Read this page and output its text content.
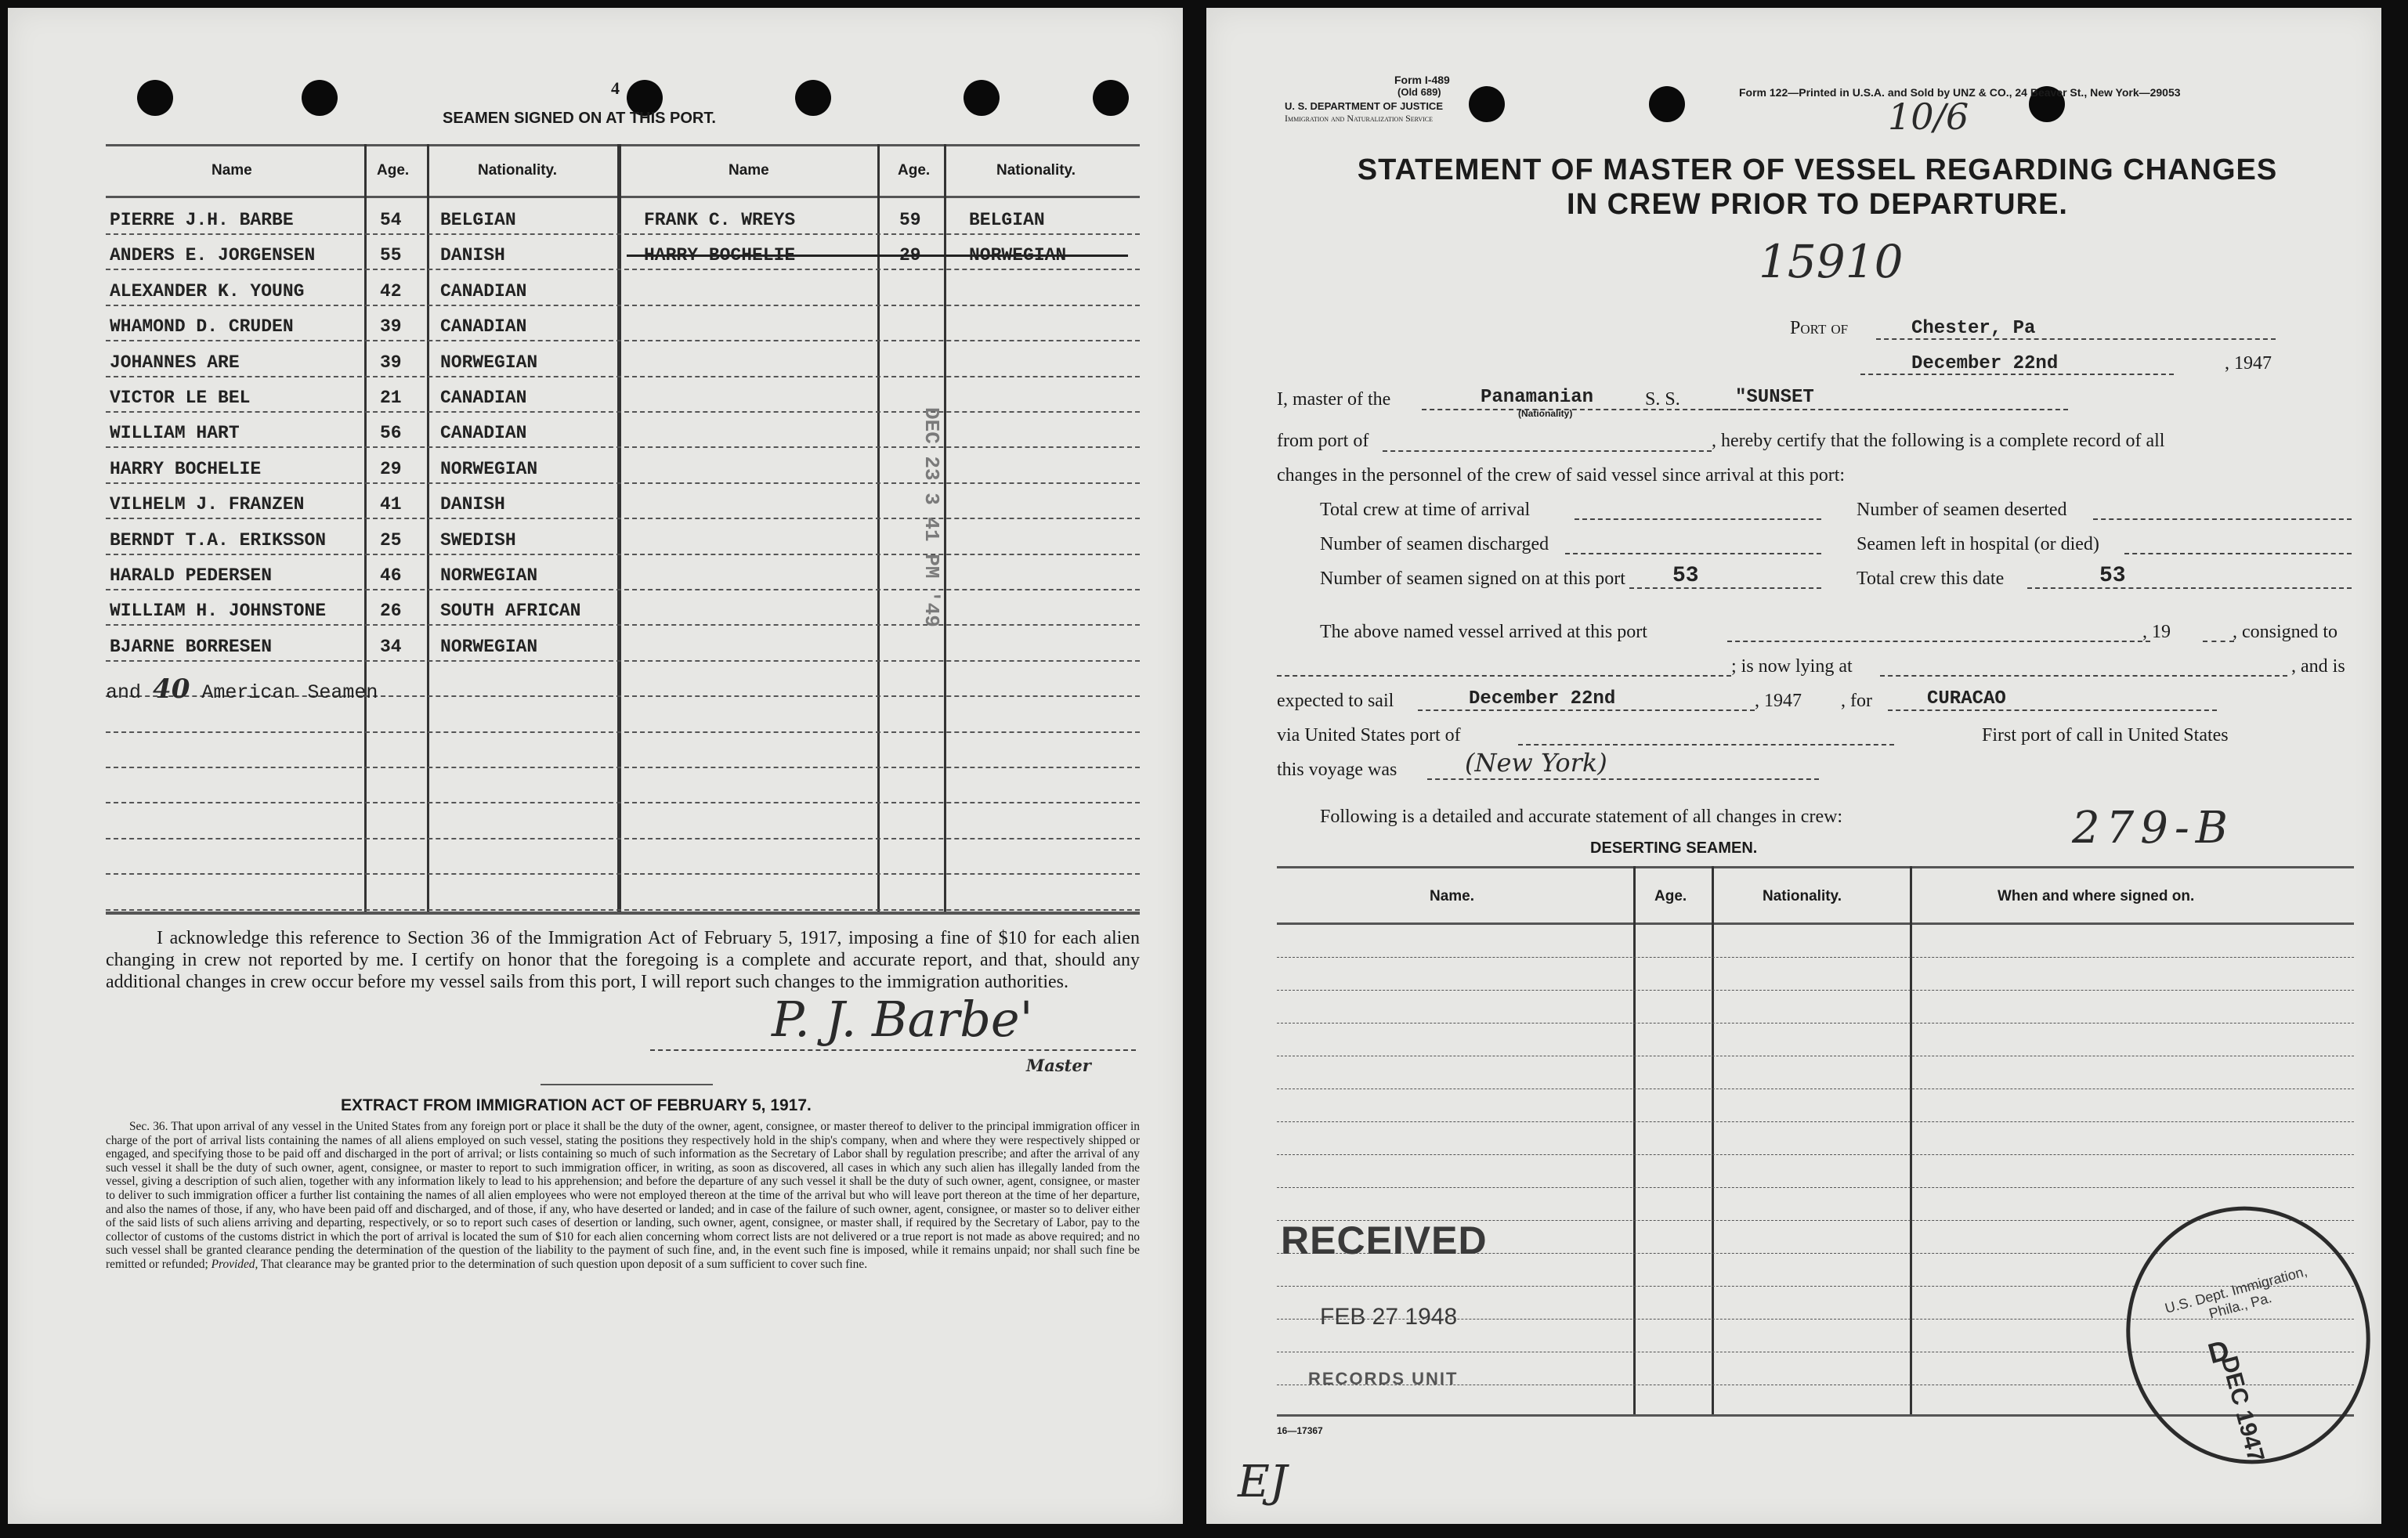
4
SEAMEN SIGNED ON AT THIS PORT.
Name	Age.	Nationality.	Name	Age.	Nationality.
PIERRE J.H. BARBE	54 BELGIAN
ANDERS E. JORGENSEN	55 DANISH
ALEXANDER K. YOUNG	42 CANADIAN
WHAMOND D. CRUDEN	39 CANADIAN
JOHANNES ARE	39 NORWEGIAN
VICTOR LE BEL	21 CANADIAN
WILLIAM HART	56 CANADIAN
HARRY BOCHELIE	29 NORWEGIAN
VILHELM J. FRANZEN	41 DANISH
BERNDT T.A. ERIKSSON	25 SWEDISH
HARALD PEDERSEN	46 NORWEGIAN
WILLIAM H. JOHNSTONE	26 SOUTH AFRICAN
BJARNE BORRESEN	34 NORWEGIAN
FRANK C. WREYS	59	BELGIAN
HARRY BOCHELIE	29	NORWEGIAN
and 40 American Seamen
I acknowledge this reference to Section 36 of the Immigration Act of February 5, 1917, imposing a fine of $10 for each alien changing in crew not reported by me. I certify on honor that the foregoing is a complete and accurate report, and that, should any additional changes in crew occur before my vessel sails from this port, I will report such changes to the immigration authorities.
P. J. Barbe'
Master
EXTRACT FROM IMMIGRATION ACT OF FEBRUARY 5, 1917.
Sec. 36. That upon arrival of any vessel in the United States from any foreign port or place it shall be the duty of the owner, agent, consignee, or master thereof to deliver to the principal immigration officer in charge of the port of arrival lists containing the names of all aliens employed on such vessel, stating the positions they respectively hold in the ship's company, when and where they were respectively shipped or engaged, and specifying those to be paid off and discharged in the port of arrival; or lists containing so much of such information as the Secretary of Labor shall by regulation prescribe; and after the arrival of any such vessel it shall be the duty of such owner, agent, consignee, or master to report to such immigration officer, in writing, as soon as discovered, all cases in which any such alien has illegally landed from the vessel, giving a description of such alien, together with any information likely to lead to his apprehension; and before the departure of any such vessel it shall be the duty of such owner, agent, consignee, or master to deliver to such immigration officer a further list containing the names of all alien employees who were not employed thereon at the time of the arrival but who will leave port thereon at the time of her departure, and also the names of those, if any, who have been paid off and discharged, and of those, if any, who have deserted or landed; and in case of the failure of such owner, agent, consignee, or master so to deliver either of the said lists of such aliens arriving and departing, respectively, or so to report such cases of desertion or landing, such owner, agent, consignee, or master shall, if required by the Secretary of Labor, pay to the collector of customs of the customs district in which the port of arrival is located the sum of $10 for each alien concerning whom correct lists are not delivered or a true report is not made as above required; and no such vessel shall be granted clearance pending the determination of the question of the liability to the payment of such fine, and, in the event such fine is imposed, while it remains unpaid; nor shall such fine be remitted or refunded; Provided, That clearance may be granted prior to the determination of such question upon deposit of a sum sufficient to cover such fine.
DEC 23 3 41 PM '49
Form I-489
(Old 689)
U. S. DEPARTMENT OF JUSTICE
Immigration and Naturalization Service
Form 122—Printed in U.S.A. and Sold by UNZ & CO., 24 Beaver St., New York—29053
10/6
STATEMENT OF MASTER OF VESSEL REGARDING CHANGES
IN CREW PRIOR TO DEPARTURE.
15910
Port of	Chester, Pa
December 22nd	, 1947
I, master of the	Panamanian
(Nationality)
S. S.	"SUNSET
from port of	, hereby certify that the following is a complete record of all
changes in the personnel of the crew of said vessel since arrival at this port:
Total crew at time of arrival	Number of seamen deserted
Number of seamen discharged	Seamen left in hospital (or died)
Number of seamen signed on at this port 53	Total crew this date	53
The above named vessel arrived at this port	, 19	, consigned to
; is now lying at	, and is
expected to sail	December 22nd	, 1947 , for	CURACAO
via United States port of	First port of call in United States
this voyage was	(New York)
Following is a detailed and accurate statement of all changes in crew:
DESERTING SEAMEN.	279-B
Name.	Age.	Nationality.	When and where signed on.
RECEIVED
FEB 27 1948
RECORDS UNIT
U.S. Dept. Immigration, Phila., Pa.
D
DEC 1947
16—17367
EJ
